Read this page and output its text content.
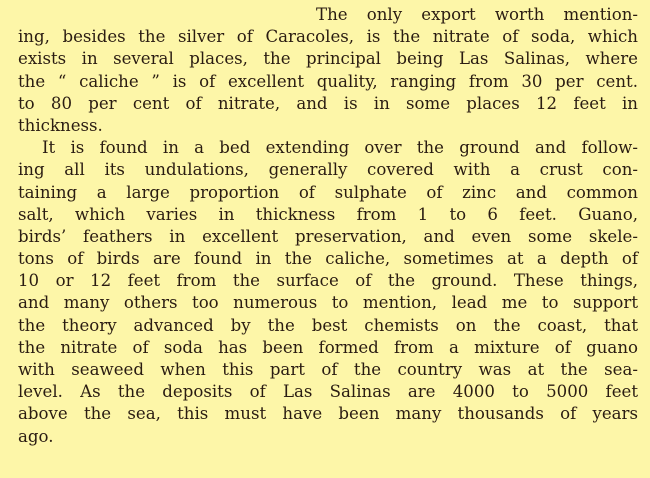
The only export worth mention-
ing, besides the silver of Caracoles, is the nitrate of soda, which
exists in several places, the principal being Las Salinas, where
the “ caliche ” is of excellent quality, ranging from 30 per cent.
to 80 per cent of nitrate, and is in some places 12 feet in
thickness.
It is found in a bed extending over the ground and follow-
ing all its undulations, generally covered with a crust con-
taining a large proportion of sulphate of zinc and common
salt, which varies in thickness from 1 to 6 feet. Guano,
birds’ feathers in excellent preservation, and even some skele-
tons of birds are found in the caliche, sometimes at a depth of
10 or 12 feet from the surface of the ground. These things,
and many others too numerous to mention, lead me to support
the theory advanced by the best chemists on the coast, that
the nitrate of soda has been formed from a mixture of guano
with seaweed when this part of the country was at the sea-
level. As the deposits of Las Salinas are 4000 to 5000 feet
above the sea, this must have been many thousands of years
ago.
